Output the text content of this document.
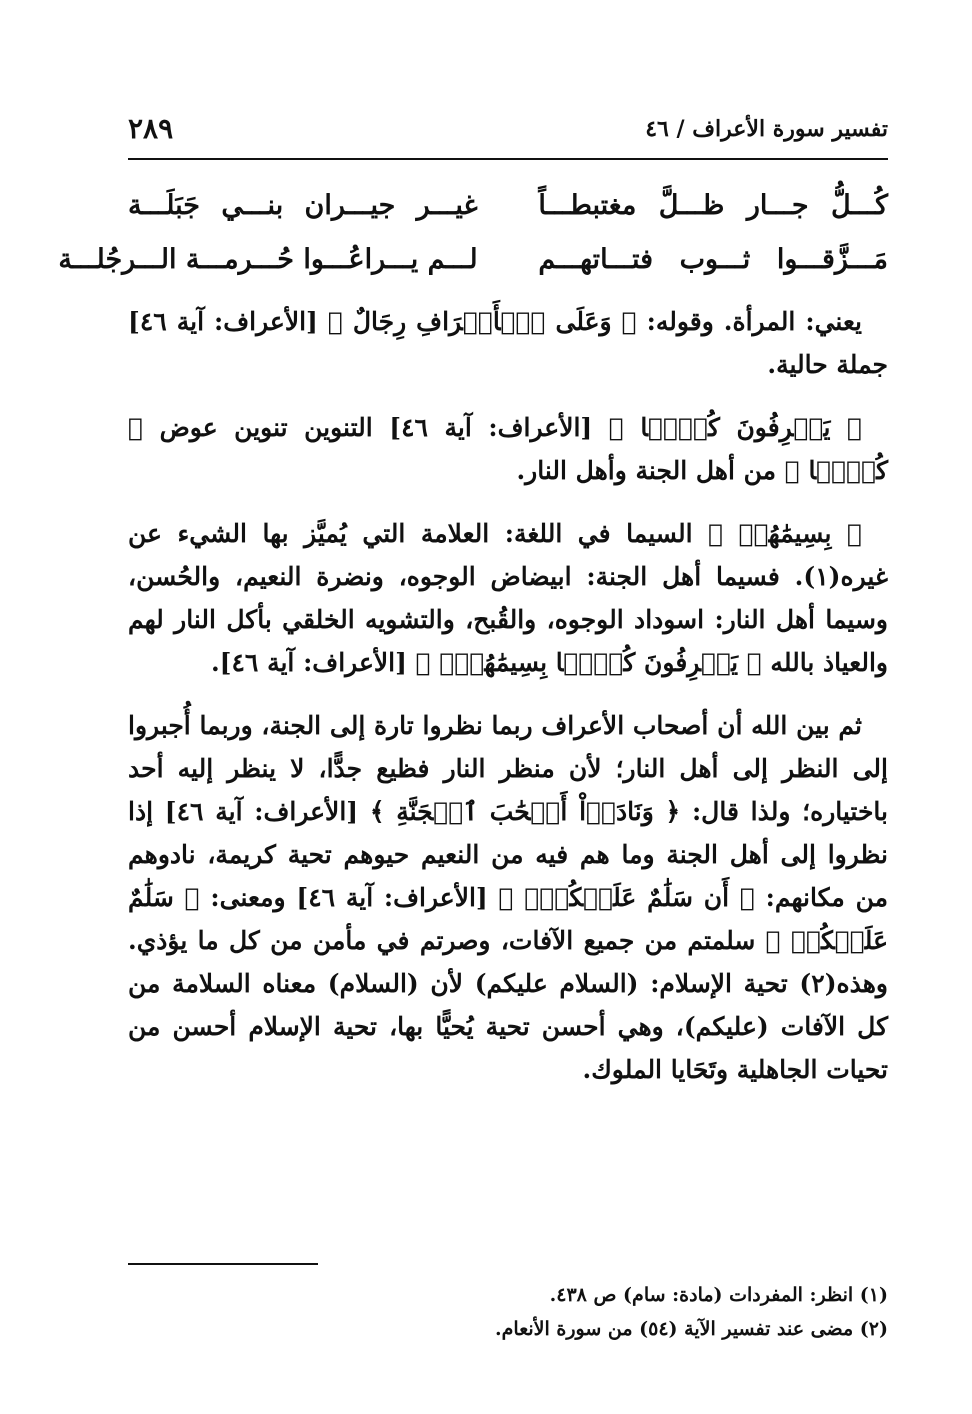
تفسير سورة الأعراف / ٤٦
٢٨٩
كُـــلُّ جـــار ظـــلَّ مغتبطـــاً
غيـــر جيـــران بنـــي جَبَلَـــة
مَـــزَّقـــوا ثـــوب فتـــاتهـــم
لـــم يـــراعُـــوا حُـــرمـــة الـــرجُلـــة

يعني: المرأة. وقوله: ﴿ وَعَلَى ٱلۡأَعۡرَافِ رِجَالٌ ﴾ [الأعراف: آية ٤٦] جملة حالية.

﴿ يَعۡرِفُونَ كُلَّۢا ﴾ [الأعراف: آية ٤٦] التنوين تنوين عوض ﴿ كُلَّۢا ﴾ من أهل الجنة وأهل النار.

﴿ بِسِيمَٰهُمۡ ﴾ السيما في اللغة: العلامة التي يُميَّز بها الشيء عن غيره(١). فسيما أهل الجنة: ابيضاض الوجوه، ونضرة النعيم، والحُسن، وسيما أهل النار: اسوداد الوجوه، والقُبح، والتشويه الخلقي بأكل النار لهم والعياذ بالله ﴿ يَعۡرِفُونَ كُلَّۢا بِسِيمَٰهُمۡۚ ﴾ [الأعراف: آية ٤٦].

ثم بين الله أن أصحاب الأعراف ربما نظروا تارة إلى الجنة، وربما أُجبروا إلى النظر إلى أهل النار؛ لأن منظر النار فظيع جدًّا، لا ينظر إليه أحد باختياره؛ ولذا قال: ﴿ وَنَادَوۡاْ أَصۡحَٰبَ ٱلۡجَنَّةِ ﴾ [الأعراف: آية ٤٦] إذا نظروا إلى أهل الجنة وما هم فيه من النعيم حيوهم تحية كريمة، نادوهم من مكانهم: ﴿ أَن سَلَٰمٌ عَلَيۡكُمۡۚ ﴾ [الأعراف: آية ٤٦] ومعنى: ﴿ سَلَٰمٌ عَلَيۡكُمۡ ﴾ سلمتم من جميع الآفات، وصرتم في مأمن من كل ما يؤذي. وهذه(٢) تحية الإسلام: (السلام عليكم) لأن (السلام) معناه السلامة من كل الآفات (عليكم)، وهي أحسن تحية يُحيًّا بها، تحية الإسلام أحسن من تحيات الجاهلية وتَحَايا الملوك.

(١) انظر: المفردات (مادة: سام) ص ٤٣٨.
(٢) مضى عند تفسير الآية (٥٤) من سورة الأنعام.
